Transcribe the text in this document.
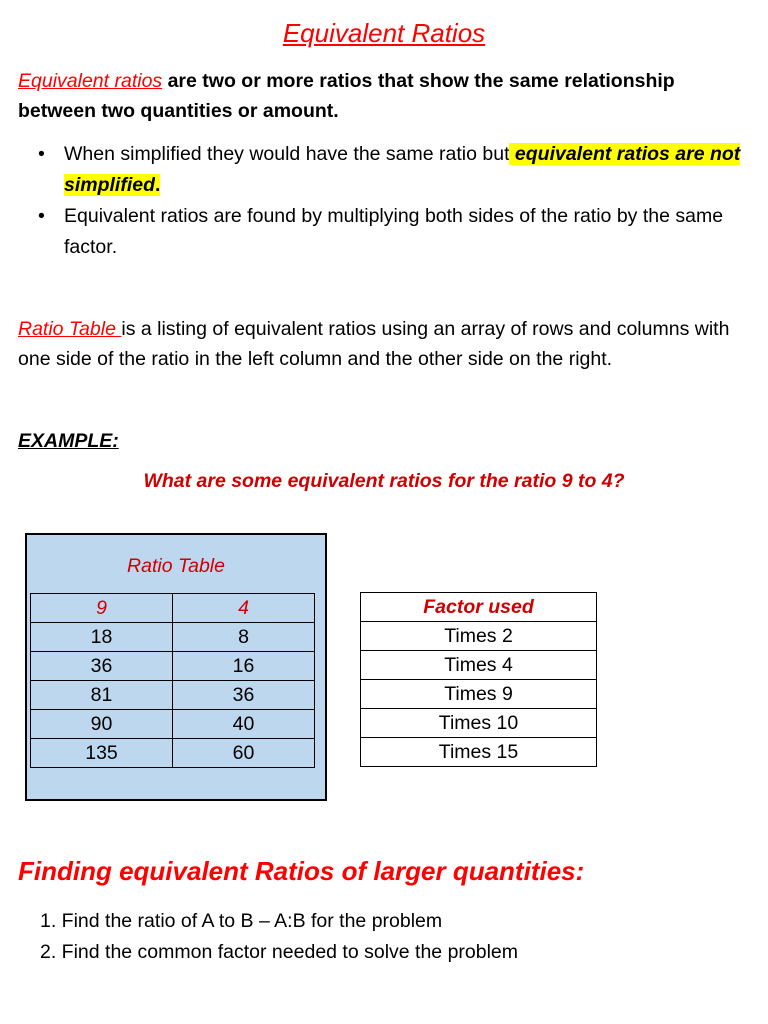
Equivalent Ratios
Equivalent ratios are two or more ratios that show the same relationship between two quantities or amount.
• When simplified they would have the same ratio but equivalent ratios are not simplified.
• Equivalent ratios are found by multiplying both sides of the ratio by the same factor.
Ratio Table is a listing of equivalent ratios using an array of rows and columns with one side of the ratio in the left column and the other side on the right.
EXAMPLE:
What are some equivalent ratios for the ratio 9 to 4?
Ratio Table
9	4
18	8
36	16
81	36
90	40
135	60
Factor used
Times 2
Times 4
Times 9
Times 10
Times 15
Finding equivalent Ratios of larger quantities:
1. Find the ratio of A to B – A:B for the problem
2. Find the common factor needed to solve the problem
